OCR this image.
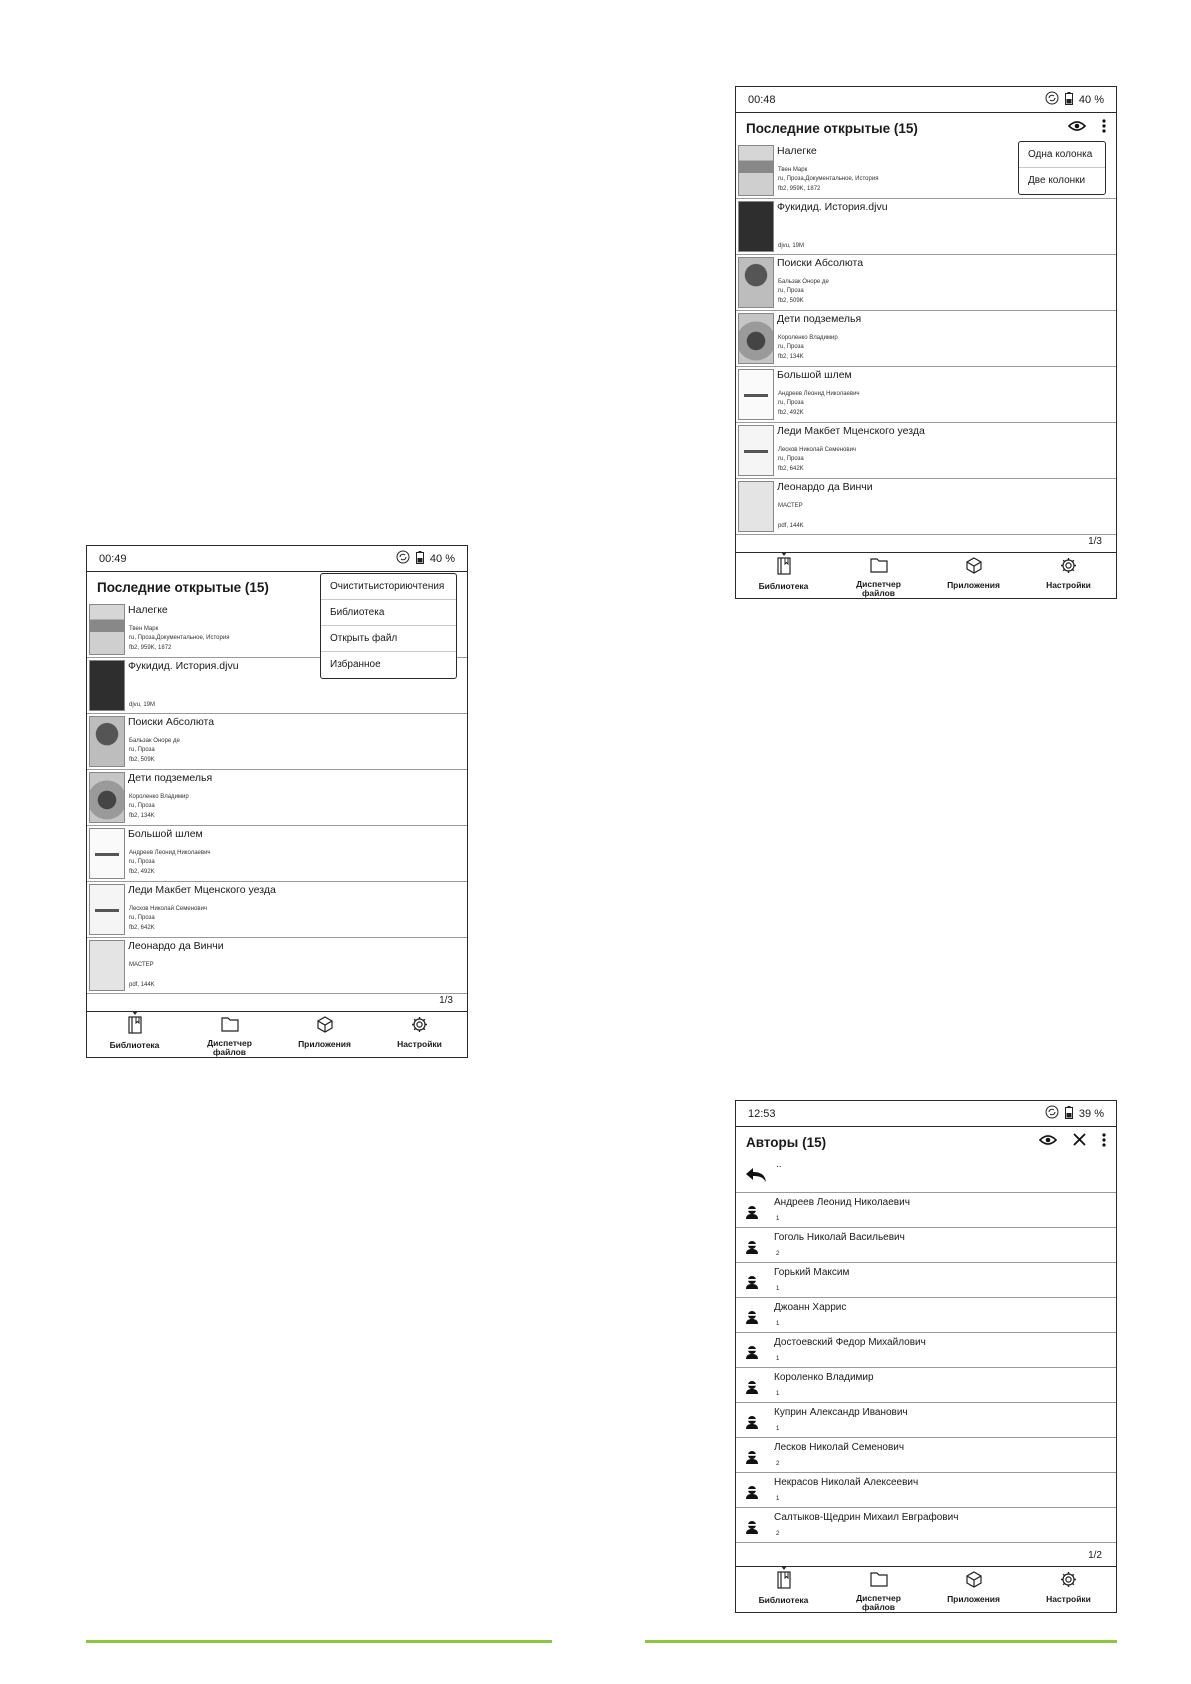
00:48	40 %
Последние открытые (15)
Налегке
Твен Марк
ru, Проза,Документальное, История
fb2, 959K, 1872
Фукидид. История.djvu
djvu, 19M
Поиски Абсолюта
Бальзак Оноре де
ru, Проза
fb2, 509K
Дети подземелья
Короленко Владимир
ru, Проза
fb2, 134K
Большой шлем
Андреев Леонид Николаевич
ru, Проза
fb2, 492K
Леди Макбет Мценского уезда
Лесков Николай Семенович
ru, Проза
fb2, 642K
Леонардо да Винчи
МАСТЕР
pdf, 144K
1/3
Одна колонка
Две колонки
Библиотека	Диспетчер
файлов
Приложения	Настройки
00:49	40 %
Последние открытые (15)
Налегке
Твен Марк
ru, Проза,Документальное, История
fb2, 959K, 1872
Фукидид. История.djvu
djvu, 19M
Поиски Абсолюта
Бальзак Оноре де
ru, Проза
fb2, 509K
Дети подземелья
Короленко Владимир
ru, Проза
fb2, 134K
Большой шлем
Андреев Леонид Николаевич
ru, Проза
fb2, 492K
Леди Макбет Мценского уезда
Лесков Николай Семенович
ru, Проза
fb2, 642K
Леонардо да Винчи
МАСТЕР
pdf, 144K
1/3
Очиститьисториючтения
Библиотека
Открыть файл
Избранное
Библиотека	Диспетчер
файлов
Приложения	Настройки
12:53	39 %
Авторы (15)
..
Андреев Леонид Николаевич
1
Гоголь Николай Васильевич
2
Горький Максим
1
Джоанн Харрис
1
Достоевский Федор Михайлович
1
Короленко Владимир
1
Куприн Александр Иванович
1
Лесков Николай Семенович
2
Некрасов Николай Алексеевич
1
Салтыков-Щедрин Михаил Евграфович
2
1/2
Библиотека	Диспетчер
файлов
Приложения	Настройки
